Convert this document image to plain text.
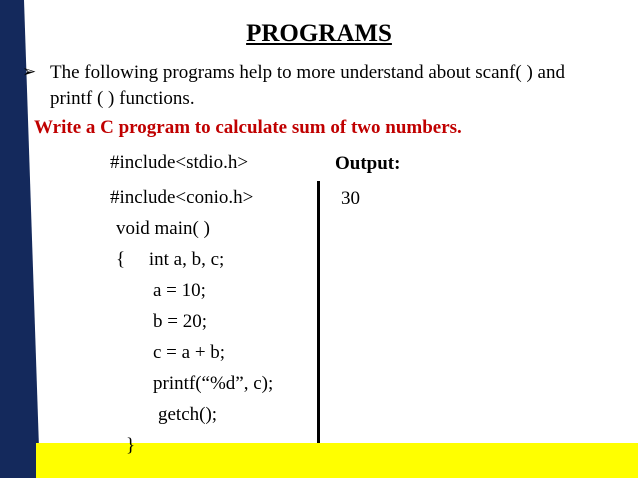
PROGRAMS
➢ The following programs help to more understand about scanf( ) and printf ( ) functions.
Write a C program to calculate sum of two numbers.
#include<stdio.h>
#include<conio.h>
void main( )
{     int a, b, c;
a = 10;
b = 20;
c = a + b;
printf(“%d”, c);
getch();
}
Output:
30
